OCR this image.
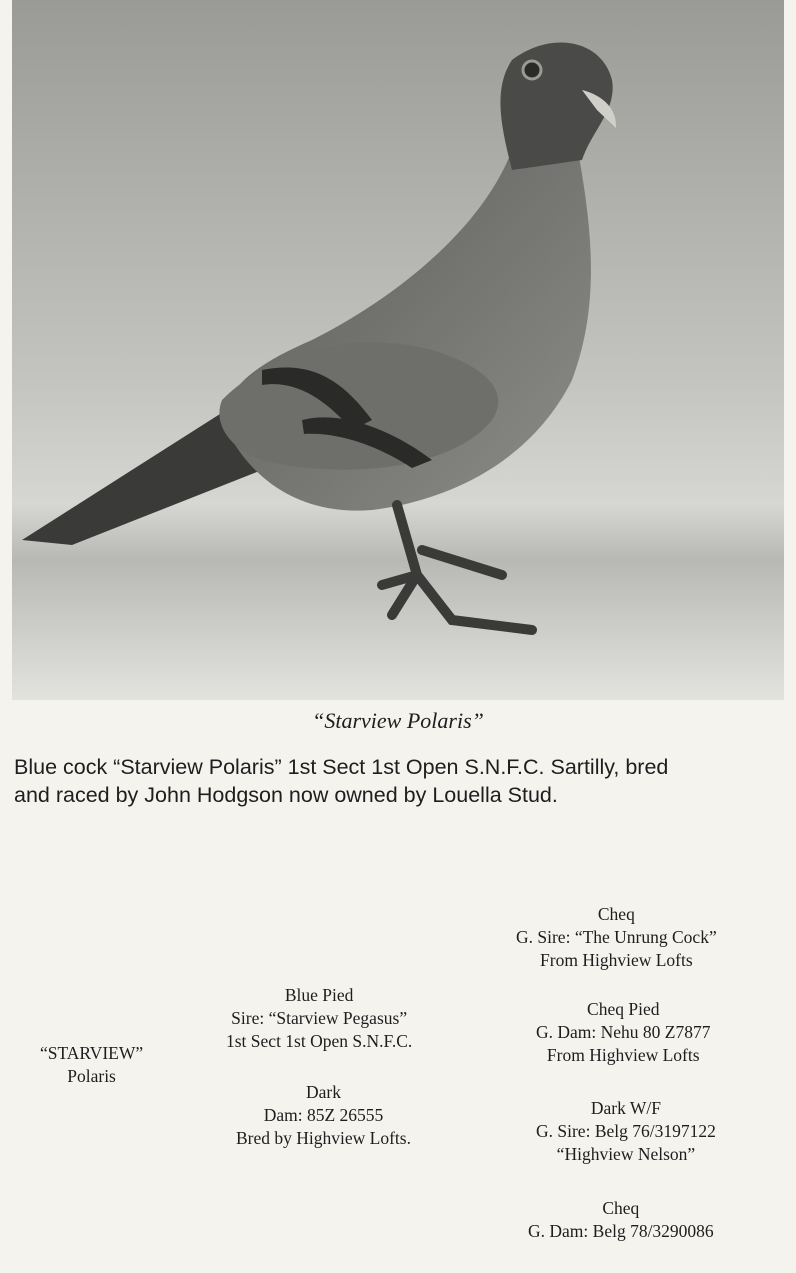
“Starview Polaris”
Blue cock “Starview Polaris” 1st Sect 1st Open S.N.F.C. Sartilly, bred
and raced by John Hodgson now owned by Louella Stud.

“STARVIEW”
Polaris
Blue Pied
Sire: “Starview Pegasus”
1st Sect 1st Open S.N.F.C.
Dark
Dam: 85Z 26555
Bred by Highview Lofts.
Cheq
G. Sire: “The Unrung Cock”
From Highview Lofts
Cheq Pied
G. Dam: Nehu 80 Z7877
From Highview Lofts
Dark W/F
G. Sire: Belg 76/3197122
“Highview Nelson”
Cheq
G. Dam: Belg 78/3290086
